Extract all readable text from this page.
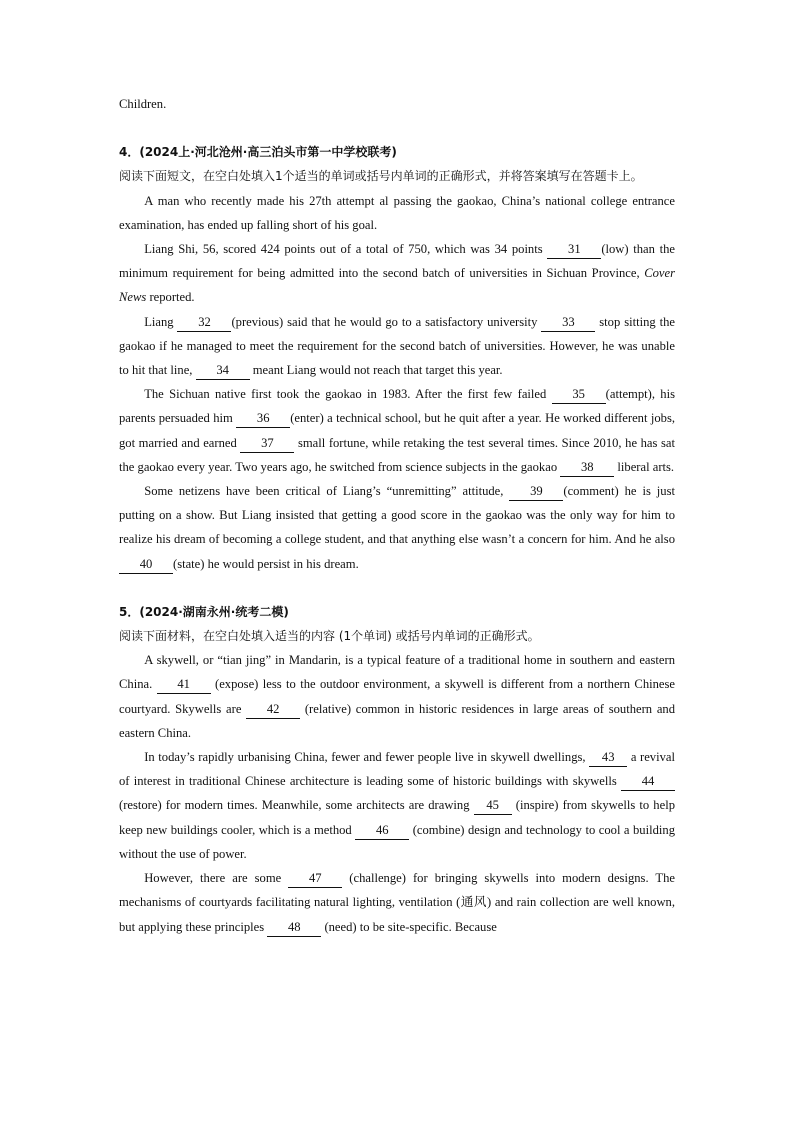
Children.

4．(2024上·河北沧州·高三泊头市第一中学校联考)

阅读下面短文，在空白处填入1个适当的单词或括号内单词的正确形式，并将答案填写在答题卡上。

A man who recently made his 27th attempt al passing the gaokao, China’s national college entrance examination, has ended up falling short of his goal.

Liang Shi, 56, scored 424 points out of a total of 750, which was 34 points 31 (low) than the minimum requirement for being admitted into the second batch of universities in Sichuan Province, Cover News reported.

Liang 32 (previous) said that he would go to a satisfactory university 33 stop sitting the gaokao if he managed to meet the requirement for the second batch of universities. However, he was unable to hit that line, 34 meant Liang would not reach that target this year.

The Sichuan native first took the gaokao in 1983. After the first few failed 35 (attempt), his parents persuaded him 36 (enter) a technical school, but he quit after a year. He worked different jobs, got married and earned 37 small fortune, while retaking the test several times. Since 2010, he has sat the gaokao every year. Two years ago, he switched from science subjects in the gaokao 38 liberal arts.

Some netizens have been critical of Liang’s “unremitting” attitude, 39 (comment) he is just putting on a show. But Liang insisted that getting a good score in the gaokao was the only way for him to realize his dream of becoming a college student, and that anything else wasn’t a concern for him. And he also 40 (state) he would persist in his dream.

5．(2024·湖南永州·统考二模)

阅读下面材料，在空白处填入适当的内容 (1个单词) 或括号内单词的正确形式。

A skywell, or “tian jing” in Mandarin, is a typical feature of a traditional home in southern and eastern China. 41 (expose) less to the outdoor environment, a skywell is different from a northern Chinese courtyard. Skywells are 42 (relative) common in historic residences in large areas of southern and eastern China.

In today’s rapidly urbanising China, fewer and fewer people live in skywell dwellings, 43 a revival of interest in traditional Chinese architecture is leading some of historic buildings with skywells 44 (restore) for modern times. Meanwhile, some architects are drawing 45 (inspire) from skywells to help keep new buildings cooler, which is a method 46 (combine) design and technology to cool a building without the use of power.

However, there are some 47 (challenge) for bringing skywells into modern designs. The mechanisms of courtyards facilitating natural lighting, ventilation (通风) and rain collection are well known, but applying these principles 48 (need) to be site-specific. Because
